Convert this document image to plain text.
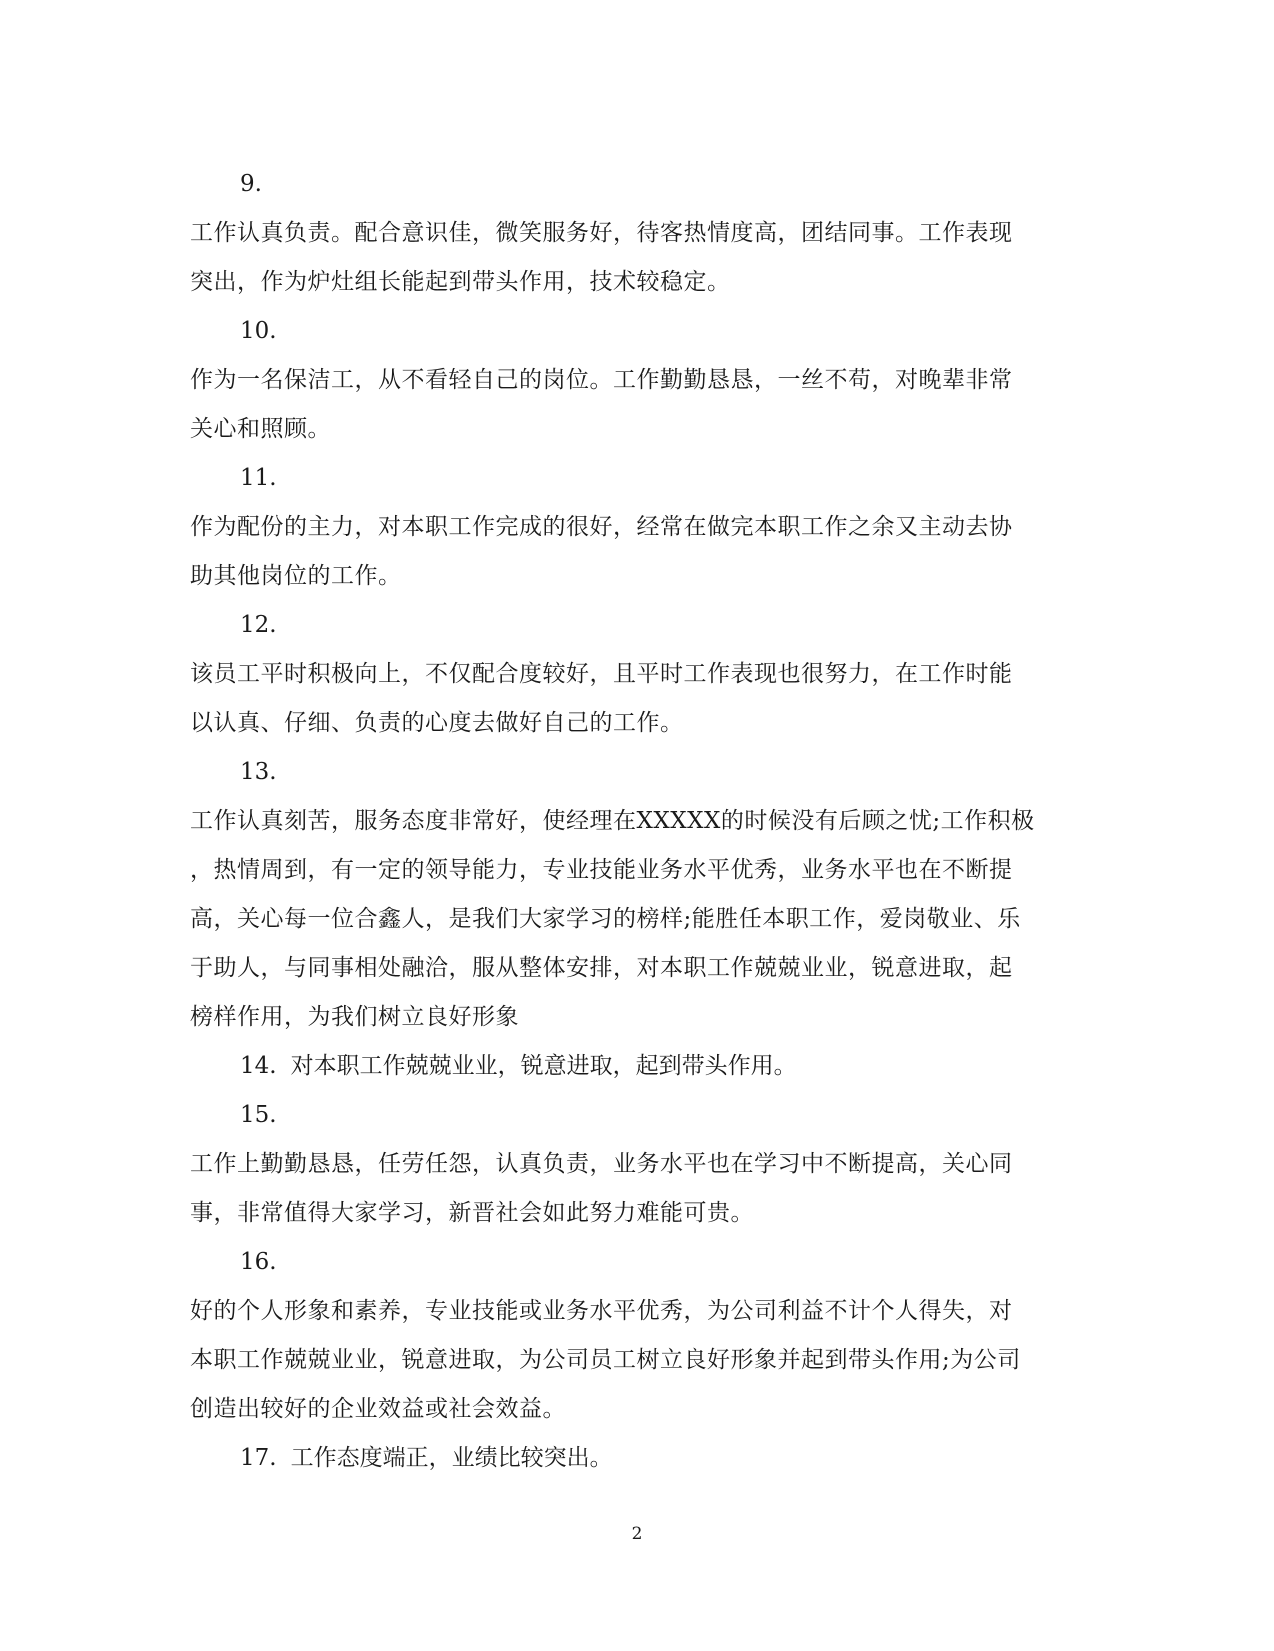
9.
工作认真负责。配合意识佳，微笑服务好，待客热情度高，团结同事。工作表现
突出，作为炉灶组长能起到带头作用，技术较稳定。
10.
作为一名保洁工，从不看轻自己的岗位。工作勤勤恳恳，一丝不苟，对晚辈非常
关心和照顾。
11.
作为配份的主力，对本职工作完成的很好，经常在做完本职工作之余又主动去协
助其他岗位的工作。
12.
该员工平时积极向上，不仅配合度较好，且平时工作表现也很努力，在工作时能
以认真、仔细、负责的心度去做好自己的工作。
13.
工作认真刻苦，服务态度非常好，使经理在XXXXX的时候没有后顾之忧;工作积极
，热情周到，有一定的领导能力，专业技能业务水平优秀，业务水平也在不断提
高，关心每一位合鑫人，是我们大家学习的榜样;能胜任本职工作，爱岗敬业、乐
于助人，与同事相处融洽，服从整体安排，对本职工作兢兢业业，锐意进取，起
榜样作用，为我们树立良好形象
14. 对本职工作兢兢业业，锐意进取，起到带头作用。
15.
工作上勤勤恳恳，任劳任怨，认真负责，业务水平也在学习中不断提高，关心同
事，非常值得大家学习，新晋社会如此努力难能可贵。
16.
好的个人形象和素养，专业技能或业务水平优秀，为公司利益不计个人得失，对
本职工作兢兢业业，锐意进取，为公司员工树立良好形象并起到带头作用;为公司
创造出较好的企业效益或社会效益。
17. 工作态度端正，业绩比较突出。
2
